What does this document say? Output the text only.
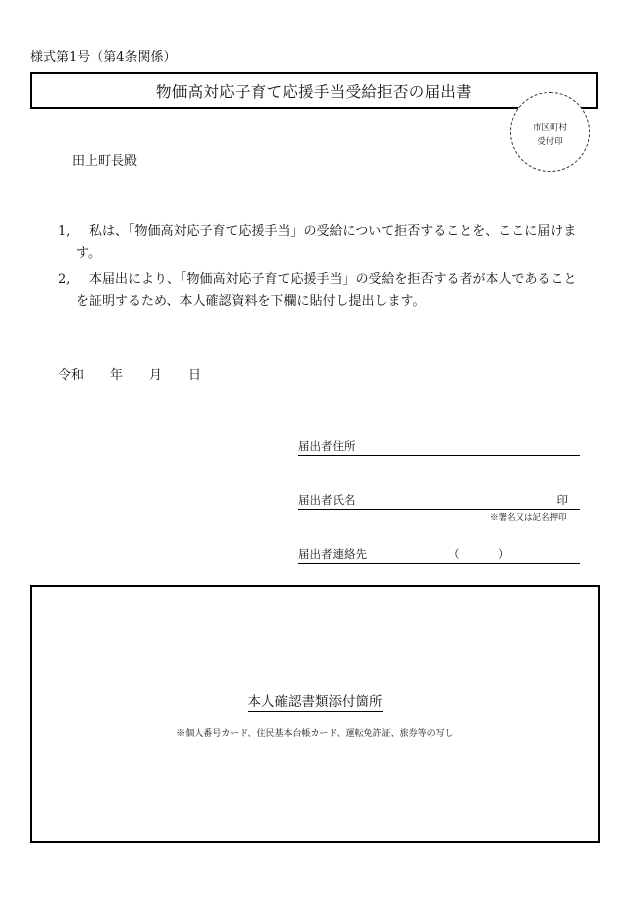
様式第1号（第4条関係）
物価高対応子育て応援手当受給拒否の届出書
市区町村
受付印
田上町長殿
1,	私は、「物価高対応子育て応援手当」の受給について拒否することを、ここに届けます。
2,	本届出により、「物価高対応子育て応援手当」の受給を拒否する者が本人であることを証明するため、本人確認資料を下欄に貼付し提出します。
令和 年 月 日
届出者住所
届出者氏名	印
※署名又は記名押印
届出者連絡先	（	）
本人確認書類添付箇所
※個人番号カード、住民基本台帳カード、運転免許証、旅券等の写し
